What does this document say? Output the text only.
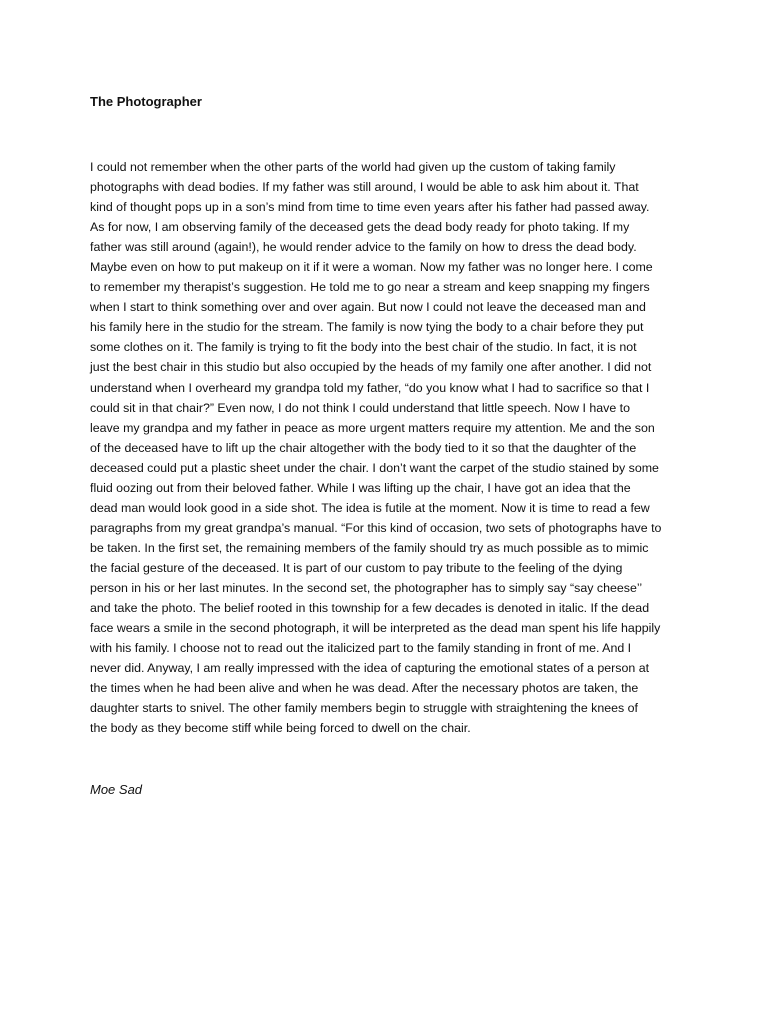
The Photographer
I could not remember when the other parts of the world had given up the custom of taking family
photographs with dead bodies. If my father was still around, I would be able to ask him about it. That
kind of thought pops up in a son’s mind from time to time even years after his father had passed away.
As for now, I am observing family of the deceased gets the dead body ready for photo taking. If my
father was still around (again!), he would render advice to the family on how to dress the dead body.
Maybe even on how to put makeup on it if it were a woman. Now my father was no longer here. I come
to remember my therapist’s suggestion. He told me to go near a stream and keep snapping my fingers
when I start to think something over and over again. But now I could not leave the deceased man and
his family here in the studio for the stream. The family is now tying the body to a chair before they put
some clothes on it. The family is trying to fit the body into the best chair of the studio. In fact, it is not
just the best chair in this studio but also occupied by the heads of my family one after another. I did not
understand when I overheard my grandpa told my father, “do you know what I had to sacrifice so that I
could sit in that chair?” Even now, I do not think I could understand that little speech. Now I have to
leave my grandpa and my father in peace as more urgent matters require my attention. Me and the son
of the deceased have to lift up the chair altogether with the body tied to it so that the daughter of the
deceased could put a plastic sheet under the chair. I don’t want the carpet of the studio stained by some
fluid oozing out from their beloved father. While I was lifting up the chair, I have got an idea that the
dead man would look good in a side shot. The idea is futile at the moment. Now it is time to read a few
paragraphs from my great grandpa’s manual. “For this kind of occasion, two sets of photographs have to
be taken. In the first set, the remaining members of the family should try as much possible as to mimic
the facial gesture of the deceased. It is part of our custom to pay tribute to the feeling of the dying
person in his or her last minutes. In the second set, the photographer has to simply say “say cheese’’
and take the photo. The belief rooted in this township for a few decades is denoted in italic. If the dead
face wears a smile in the second photograph, it will be interpreted as the dead man spent his life happily
with his family. I choose not to read out the italicized part to the family standing in front of me. And I
never did. Anyway, I am really impressed with the idea of capturing the emotional states of a person at
the times when he had been alive and when he was dead. After the necessary photos are taken, the
daughter starts to snivel. The other family members begin to struggle with straightening the knees of
the body as they become stiff while being forced to dwell on the chair.

Moe Sad
